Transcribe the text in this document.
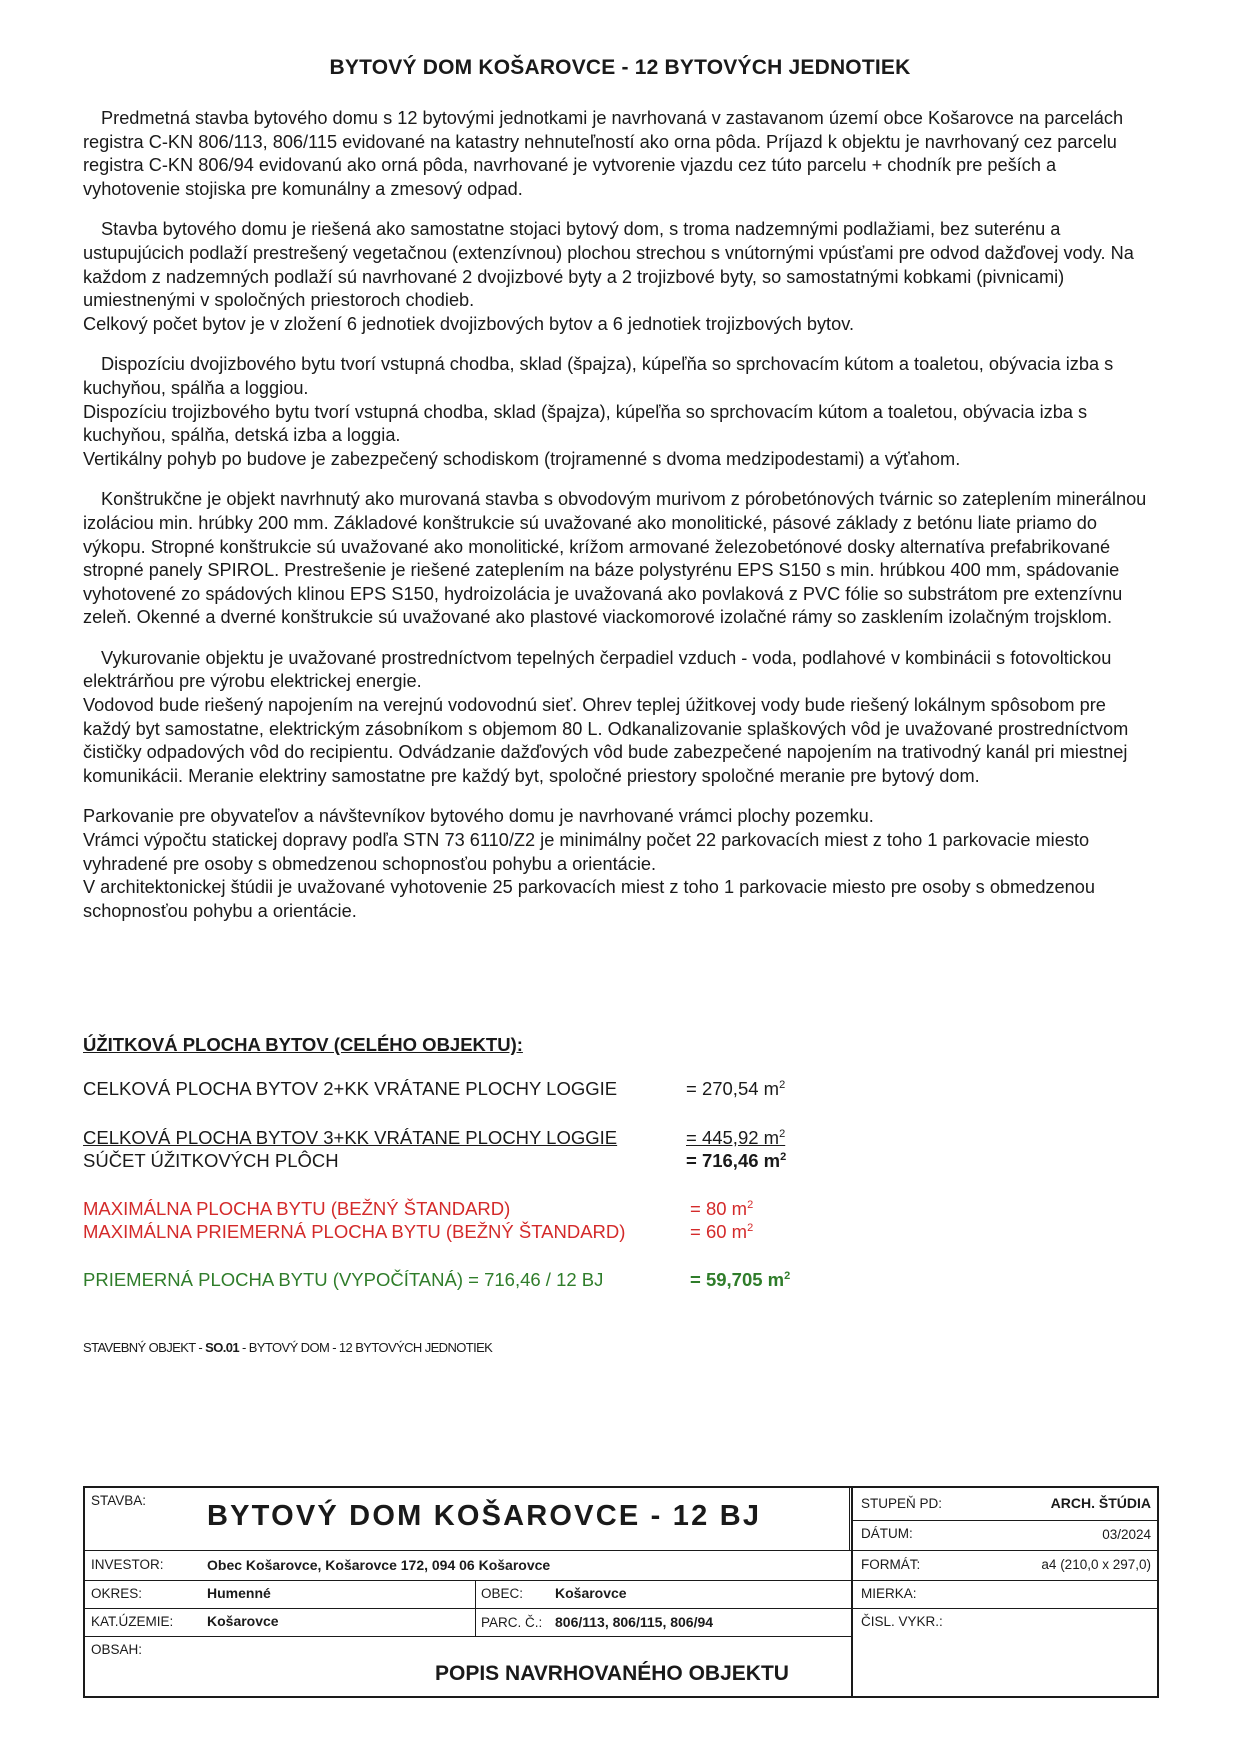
BYTOVÝ DOM KOŠAROVCE - 12 BYTOVÝCH JEDNOTIEK

Predmetná stavba bytového domu s 12 bytovými jednotkami je navrhovaná v zastavanom území obce Košarovce na parcelách registra C-KN 806/113, 806/115 evidované na katastry nehnuteľností ako orna pôda. Príjazd k objektu je navrhovaný cez parcelu registra C-KN 806/94 evidovanú ako orná pôda, navrhované je vytvorenie vjazdu cez túto parcelu + chodník pre peších a vyhotovenie stojiska pre komunálny a zmesový odpad.

Stavba bytového domu je riešená ako samostatne stojaci bytový dom, s troma nadzemnými podlažiami, bez suterénu a ustupujúcich podlaží prestrešený vegetačnou (extenzívnou) plochou strechou s vnútornými vpúsťami pre odvod dažďovej vody. Na každom z nadzemných podlaží sú navrhované 2 dvojizbové byty a 2 trojizbové byty, so samostatnými kobkami (pivnicami) umiestnenými v spoločných priestoroch chodieb.

Celkový počet bytov je v zložení 6 jednotiek dvojizbových bytov a 6 jednotiek trojizbových bytov.

Dispozíciu dvojizbového bytu tvorí vstupná chodba, sklad (špajza), kúpeľňa so sprchovacím kútom a toaletou, obývacia izba s kuchyňou, spálňa a loggiou.

Dispozíciu trojizbového bytu tvorí vstupná chodba, sklad (špajza), kúpeľňa so sprchovacím kútom a toaletou, obývacia izba s kuchyňou, spálňa, detská izba a loggia.

Vertikálny pohyb po budove je zabezpečený schodiskom (trojramenné s dvoma medzipodestami) a výťahom.

Konštrukčne je objekt navrhnutý ako murovaná stavba s obvodovým murivom z pórobetónových tvárnic so zateplením minerálnou izoláciou min. hrúbky 200 mm. Základové konštrukcie sú uvažované ako monolitické, pásové základy z betónu liate priamo do výkopu. Stropné konštrukcie sú uvažované ako monolitické, krížom armované železobetónové dosky alternatíva prefabrikované stropné panely SPIROL. Prestrešenie je riešené zateplením na báze polystyrénu EPS S150 s min. hrúbkou 400 mm, spádovanie vyhotovené zo spádových klinou EPS S150, hydroizolácia je uvažovaná ako povlaková z PVC fólie so substrátom pre extenzívnu zeleň. Okenné a dverné konštrukcie sú uvažované ako plastové viackomorové izolačné rámy so zasklením izolačným trojsklom.

Vykurovanie objektu je uvažované prostredníctvom tepelných čerpadiel vzduch - voda, podlahové v kombinácii s fotovoltickou elektrárňou pre výrobu elektrickej energie.

Vodovod bude riešený napojením na verejnú vodovodnú sieť. Ohrev teplej úžitkovej vody bude riešený lokálnym spôsobom pre každý byt samostatne, elektrickým zásobníkom s objemom 80 L. Odkanalizovanie splaškových vôd je uvažované prostredníctvom čističky odpadových vôd do recipientu. Odvádzanie dažďových vôd bude zabezpečené napojením na trativodný kanál pri miestnej komunikácii. Meranie elektriny samostatne pre každý byt, spoločné priestory spoločné meranie pre bytový dom.

Parkovanie pre obyvateľov a návštevníkov bytového domu je navrhované vrámci plochy pozemku.

Vrámci výpočtu statickej dopravy podľa STN 73 6110/Z2 je minimálny počet 22 parkovacích miest z toho 1 parkovacie miesto vyhradené pre osoby s obmedzenou schopnosťou pohybu a orientácie.

V architektonickej štúdii je uvažované vyhotovenie 25 parkovacích miest z toho 1 parkovacie miesto pre osoby s obmedzenou schopnosťou pohybu a orientácie.

ÚŽITKOVÁ PLOCHA BYTOV (CELÉHO OBJEKTU):
CELKOVÁ PLOCHA BYTOV 2+KK VRÁTANE PLOCHY LOGGIE	= 270,54 $m^2$
CELKOVÁ PLOCHA BYTOV 3+KK VRÁTANE PLOCHY LOGGIE	= 445,92 $m^2$
SÚČET ÚŽITKOVÝCH PLÔCH	= 716,46 $m^2$
MAXIMÁLNA PLOCHA BYTU (BEŽNÝ ŠTANDARD)	= 80 $m^2$
MAXIMÁLNA PRIEMERNÁ PLOCHA BYTU (BEŽNÝ ŠTANDARD)	= 60 $m^2$
PRIEMERNÁ PLOCHA BYTU (VYPOČÍTANÁ) = 716,46 / 12 BJ	= 59,705 $m^2$
STAVEBNÝ OBJEKT - SO.01 - BYTOVÝ DOM - 12 BYTOVÝCH JEDNOTIEK
STAVBA: BYTOVÝ DOM KOŠAROVCE - 12 BJ	STUPEŇ PD:	ARCH. ŠTÚDIA
DÁTUM:	03/2024
INVESTOR:	Obec Košarovce, Košarovce 172, 094 06 Košarovce	FORMÁT:	a4 (210,0 x 297,0)
OKRES:	Humenné	OBEC: Košarovce	MIERKA:
KAT.ÚZEMIE: Košarovce	PARC. Č.: 806/113, 806/115, 806/94	ČISL. VYKR.:
OBSAH:
POPIS NAVRHOVANÉHO OBJEKTU
